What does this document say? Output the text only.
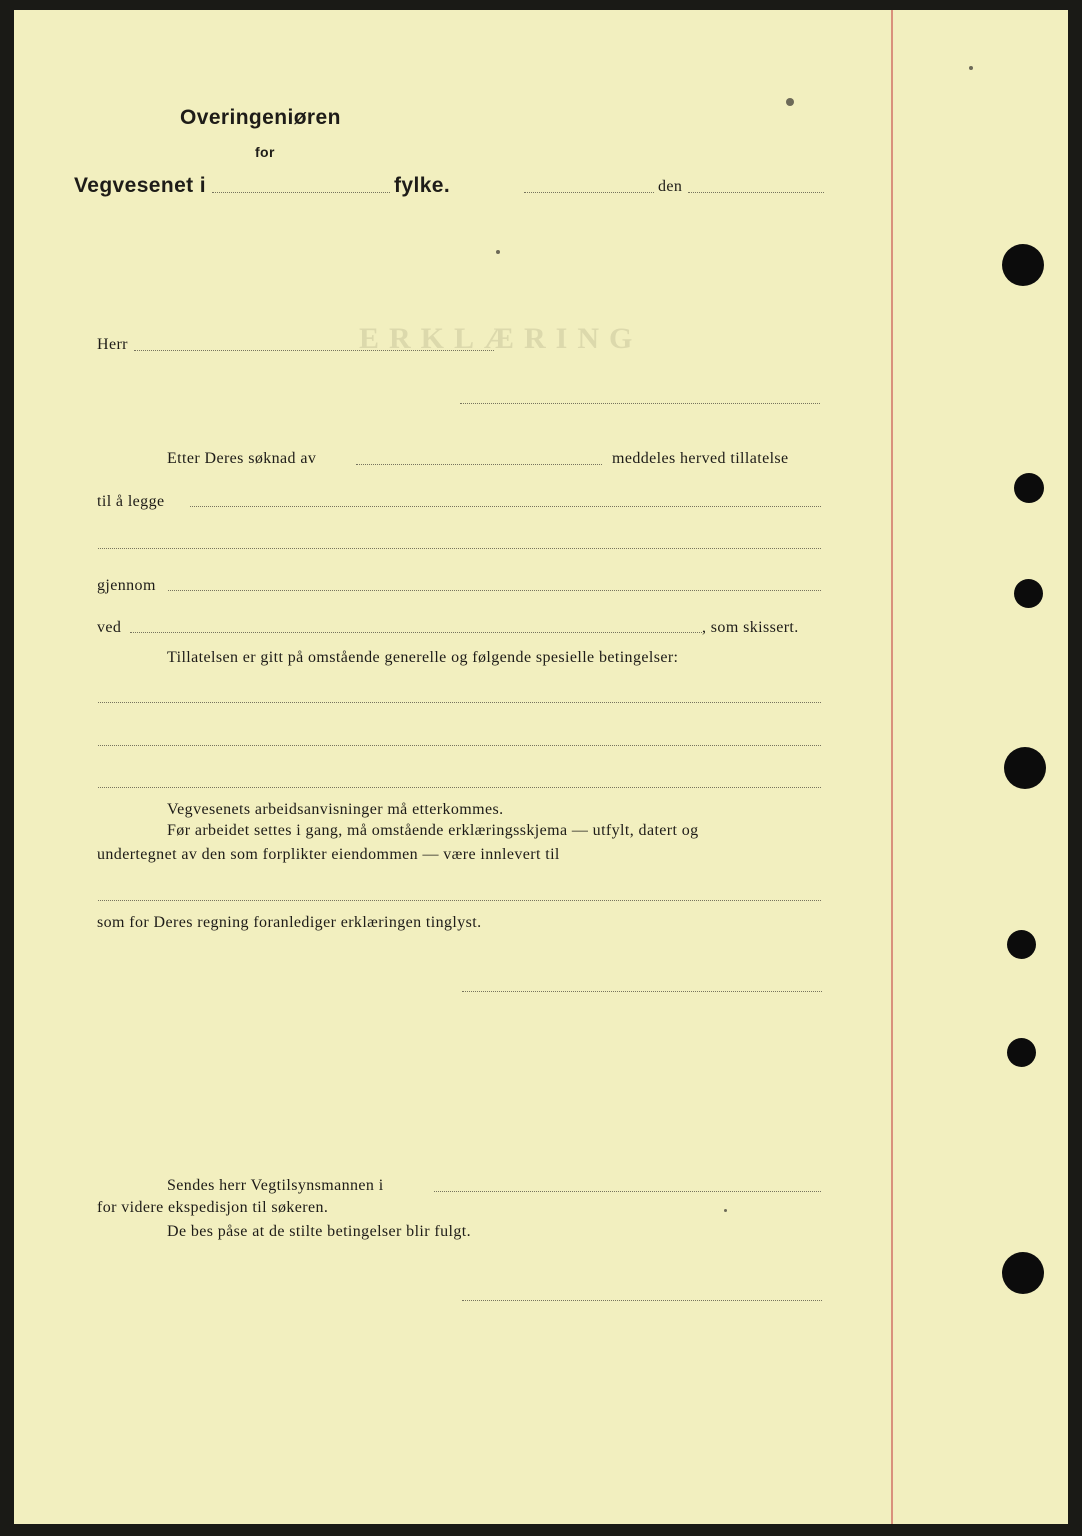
ERKLÆRING
Overingeniøren
for
Vegvesenet i	fylke.	den
Herr
Etter Deres søknad av	meddeles herved tillatelse
til å legge
gjennom
ved	, som skissert.
Tillatelsen er gitt på omstående generelle og følgende spesielle betingelser:
Vegvesenets arbeidsanvisninger må etterkommes.
Før arbeidet settes i gang, må omstående erklæringsskjema — utfylt, datert og
undertegnet av den som forplikter eiendommen — være innlevert til
som for Deres regning foranlediger erklæringen tinglyst.
Sendes herr Vegtilsynsmannen i
for videre ekspedisjon til søkeren.
De bes påse at de stilte betingelser blir fulgt.
